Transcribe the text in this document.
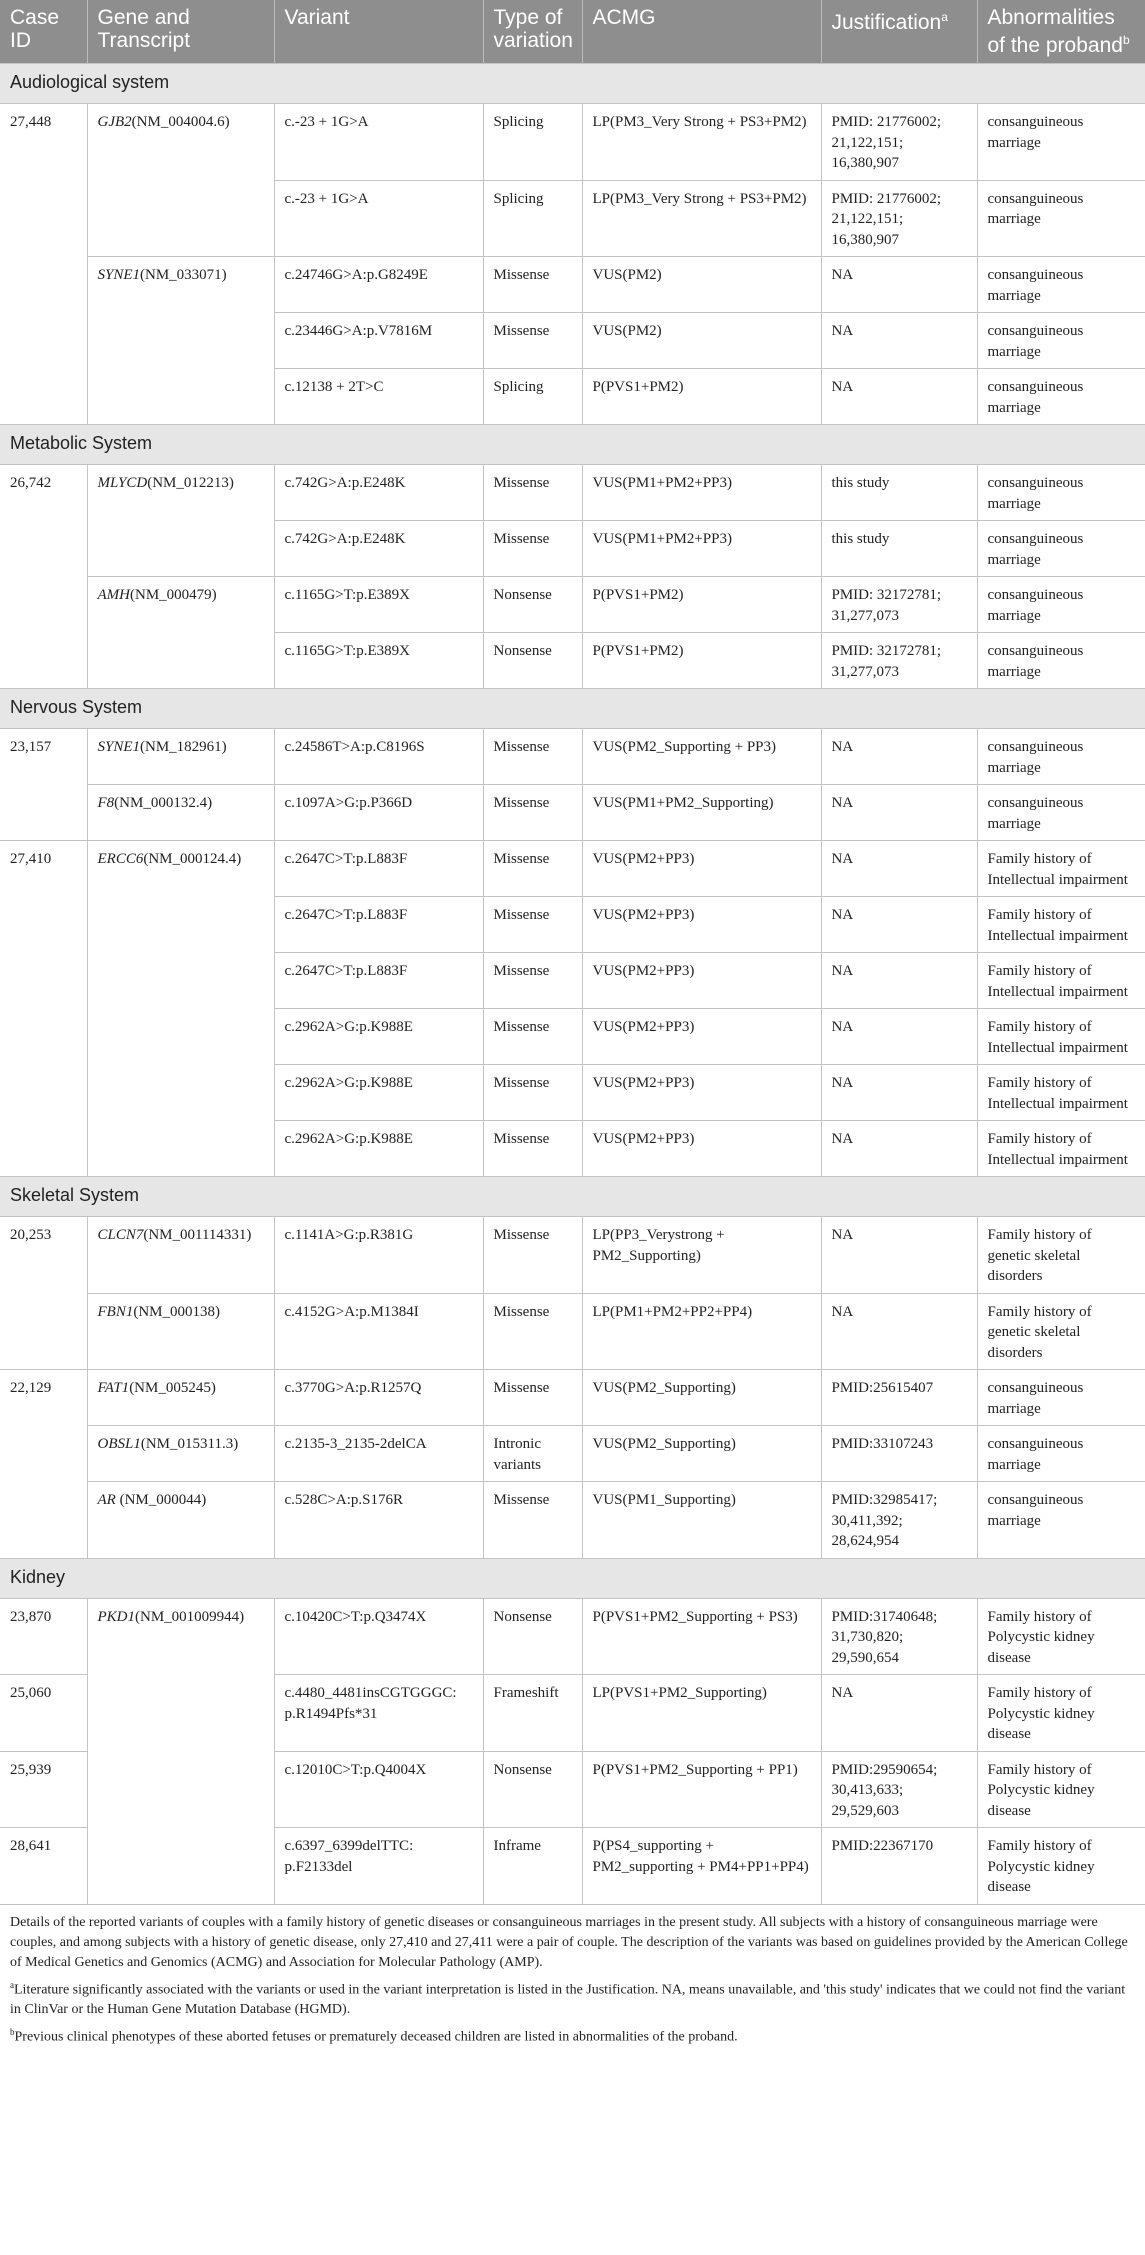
Case ID	Gene and Transcript	Variant	Type of variation	ACMG	Justification$^a$	Abnormalities of the proband$^b$
Audiological system						
27,448	GJB2(NM_004004.6)	c.-23 + 1G>A	Splicing	LP(PM3_Very Strong + PS3+PM2)	PMID: 21776002; 21,122,151; 16,380,907	consanguineous marriage
		c.-23 + 1G>A	Splicing	LP(PM3_Very Strong + PS3+PM2)	PMID: 21776002; 21,122,151; 16,380,907	consanguineous marriage
	SYNE1(NM_033071)	c.24746G>A:p.G8249E	Missense	VUS(PM2)	NA	consanguineous marriage
		c.23446G>A:p.V7816M	Missense	VUS(PM2)	NA	consanguineous marriage
		c.12138 + 2T>C	Splicing	P(PVS1+PM2)	NA	consanguineous marriage
Metabolic System						
26,742	MLYCD(NM_012213)	c.742G>A:p.E248K	Missense	VUS(PM1+PM2+PP3)	this study	consanguineous marriage
		c.742G>A:p.E248K	Missense	VUS(PM1+PM2+PP3)	this study	consanguineous marriage
	AMH(NM_000479)	c.1165G>T:p.E389X	Nonsense	P(PVS1+PM2)	PMID: 32172781; 31,277,073	consanguineous marriage
		c.1165G>T:p.E389X	Nonsense	P(PVS1+PM2)	PMID: 32172781; 31,277,073	consanguineous marriage
Nervous System						
23,157	SYNE1(NM_182961)	c.24586T>A:p.C8196S	Missense	VUS(PM2_Supporting + PP3)	NA	consanguineous marriage
	F8(NM_000132.4)	c.1097A>G:p.P366D	Missense	VUS(PM1+PM2_Supporting)	NA	consanguineous marriage
27,410	ERCC6(NM_000124.4)	c.2647C>T:p.L883F	Missense	VUS(PM2+PP3)	NA	Family history of Intellectual impairment
		c.2647C>T:p.L883F	Missense	VUS(PM2+PP3)	NA	Family history of Intellectual impairment
		c.2647C>T:p.L883F	Missense	VUS(PM2+PP3)	NA	Family history of Intellectual impairment
		c.2962A>G:p.K988E	Missense	VUS(PM2+PP3)	NA	Family history of Intellectual impairment
		c.2962A>G:p.K988E	Missense	VUS(PM2+PP3)	NA	Family history of Intellectual impairment
		c.2962A>G:p.K988E	Missense	VUS(PM2+PP3)	NA	Family history of Intellectual impairment
Skeletal System						
20,253	CLCN7(NM_001114331)	c.1141A>G:p.R381G	Missense	LP(PP3_Verystrong + PM2_Supporting)	NA	Family history of genetic skeletal disorders
	FBN1(NM_000138)	c.4152G>A:p.M1384I	Missense	LP(PM1+PM2+PP2+PP4)	NA	Family history of genetic skeletal disorders
22,129	FAT1(NM_005245)	c.3770G>A:p.R1257Q	Missense	VUS(PM2_Supporting)	PMID:25615407	consanguineous marriage
	OBSL1(NM_015311.3)	c.2135-3_2135-2delCA	Intronic variants	VUS(PM2_Supporting)	PMID:33107243	consanguineous marriage
	AR (NM_000044)	c.528C>A:p.S176R	Missense	VUS(PM1_Supporting)	PMID:32985417; 30,411,392; 28,624,954	consanguineous marriage
Kidney						
23,870	PKD1(NM_001009944)	c.10420C>T:p.Q3474X	Nonsense	P(PVS1+PM2_Supporting + PS3)	PMID:31740648; 31,730,820; 29,590,654	Family history of Polycystic kidney disease
25,060		c.4480_4481insCGTGGGC: p.R1494Pfs*31	Frameshift	LP(PVS1+PM2_Supporting)	NA	Family history of Polycystic kidney disease
25,939		c.12010C>T:p.Q4004X	Nonsense	P(PVS1+PM2_Supporting + PP1)	PMID:29590654; 30,413,633; 29,529,603	Family history of Polycystic kidney disease
28,641		c.6397_6399delTTC: p.F2133del	Inframe	P(PS4_supporting + PM2_supporting + PM4+PP1+PP4)	PMID:22367170	Family history of Polycystic kidney disease

Details of the reported variants of couples with a family history of genetic diseases or consanguineous marriages in the present study. All subjects with a history of consanguineous marriage were couples, and among subjects with a history of genetic disease, only 27,410 and 27,411 were a pair of couple. The description of the variants was based on guidelines provided by the American College of Medical Genetics and Genomics (ACMG) and Association for Molecular Pathology (AMP).

$^a$Literature significantly associated with the variants or used in the variant interpretation is listed in the Justification. NA, means unavailable, and 'this study' indicates that we could not find the variant in ClinVar or the Human Gene Mutation Database (HGMD).

$^b$Previous clinical phenotypes of these aborted fetuses or prematurely deceased children are listed in abnormalities of the proband.
